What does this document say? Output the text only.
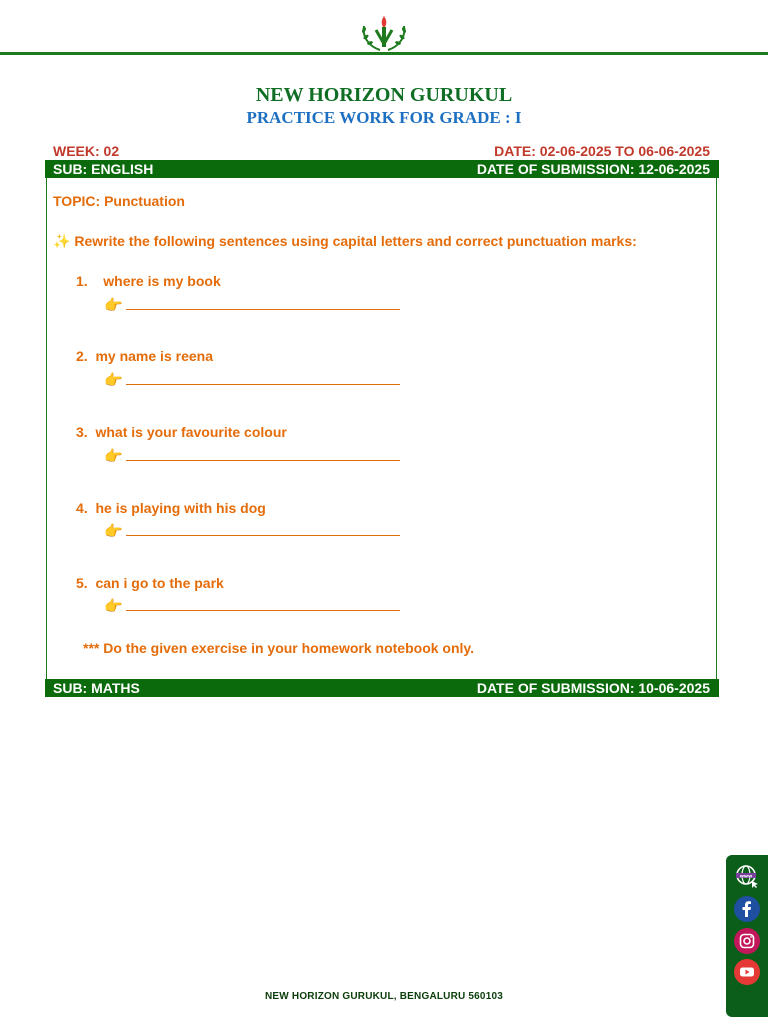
NEW HORIZON GURUKUL
PRACTICE WORK FOR GRADE : I
WEEK: 02	DATE: 02-06-2025 TO 06-06-2025
SUB: ENGLISH	DATE OF SUBMISSION: 12-06-2025
TOPIC: Punctuation
✨ Rewrite the following sentences using capital letters and correct punctuation marks:
1. where is my book
👉
2. my name is reena
👉
3. what is your favourite colour
👉
4. he is playing with his dog
👉
5. can i go to the park
👉
*** Do the given exercise in your homework notebook only.
SUB: MATHS	DATE OF SUBMISSION: 10-06-2025
www
NEW HORIZON GURUKUL, BENGALURU 560103
